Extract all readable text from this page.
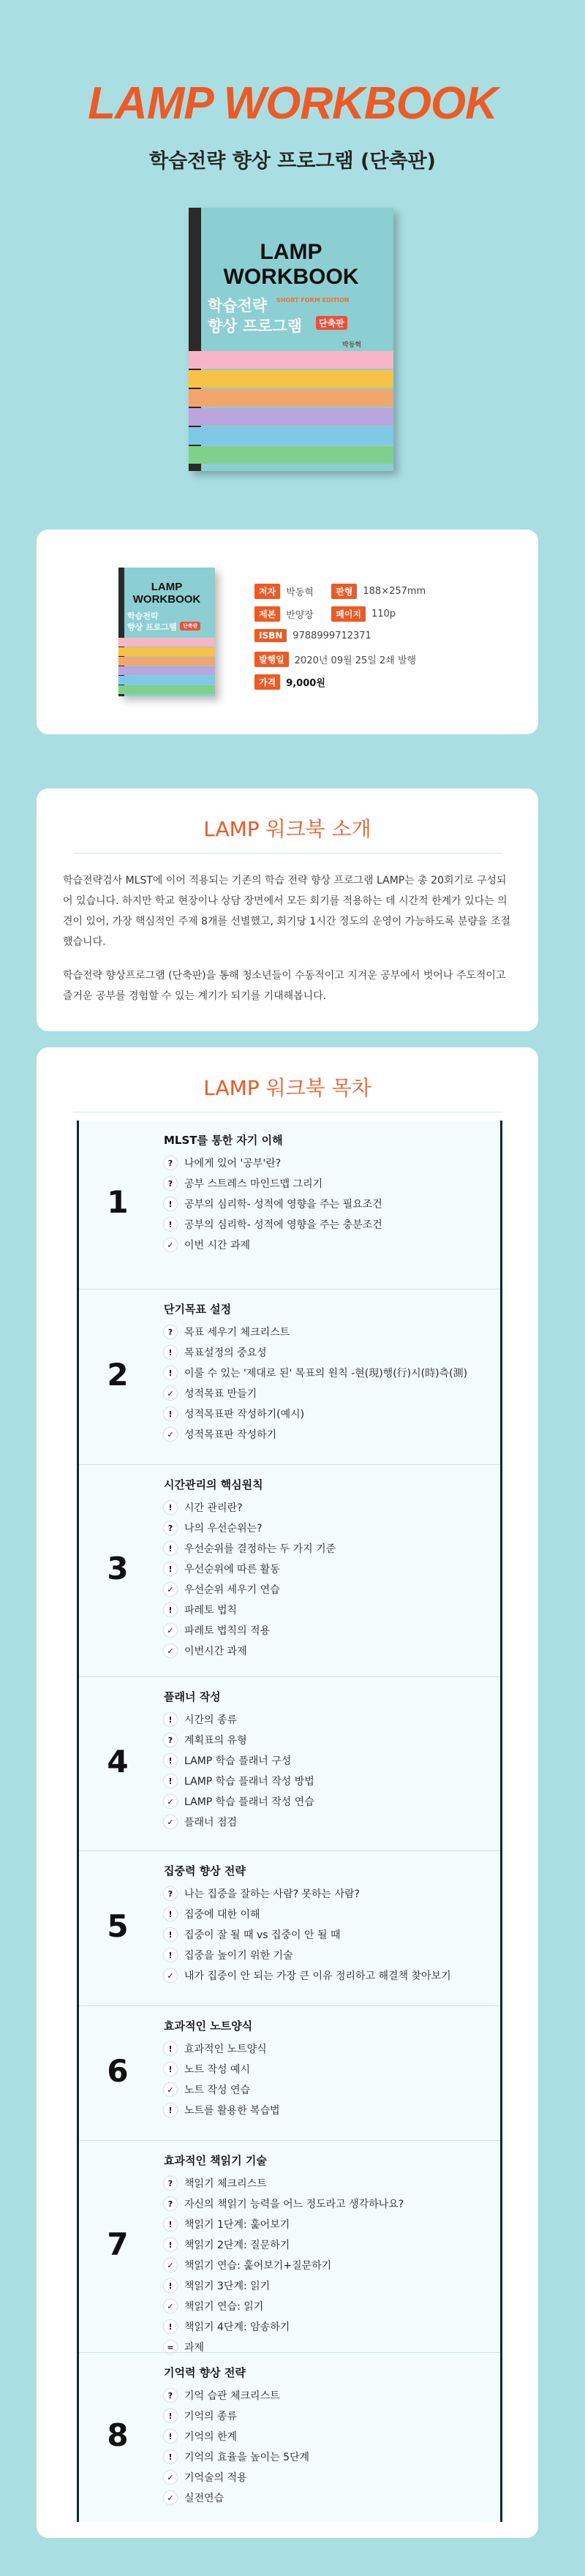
LAMP WORKBOOK
학습전략 향상 프로그램 (단축판)
LAMP WORKBOOK
학습전략
향상 프로그램	단축판
SHORT FORM EDITION
박동혁
LAMP WORKBOOK
학습전략
향상 프로그램	단축판
저자	박동혁	판형	188×257mm
제본	반양장	페이지	110p
ISBN	9788999712371
발행일	2020년 09월 25일 2쇄 발행
가격	9,000원
LAMP 워크북 소개

학습전략검사 MLST에 이어 적용되는 기존의 학습 전략 향상 프로그램 LAMP는 총 20회기로 구성되어 있습니다. 하지만 학교 현장이나 상담 장면에서 모든 회기를 적용하는 데 시간적 한계가 있다는 의견이 있어, 가장 핵심적인 주제 8개를 선별했고, 회기당 1시간 정도의 운영이 가능하도록 분량을 조절했습니다.

학습전략 향상프로그램 (단축판)을 통해 청소년들이 수동적이고 지겨운 공부에서 벗어나 주도적이고 즐거운 공부를 경험할 수 있는 계기가 되기를 기대해봅니다.

LAMP 워크북 목차
1
MLST를 통한 자기 이해
?	나에게 있어 '공부'란?
?	공부 스트레스 마인드맵 그리기
!	공부의 심리학- 성적에 영향을 주는 필요조건
!	공부의 심리학- 성적에 영향을 주는 충분조건
✓	이번 시간 과제
2
단기목표 설정
?	목표 세우기 체크리스트
!	목표설정의 중요성
!	이룰 수 있는 '제대로 된' 목표의 원칙 -현(現)행(行)시(時)측(測)
✓	성적목표 만들기
!	성적목표판 작성하기(예시)
✓	성적목표판 작성하기
3
시간관리의 핵심원칙
!	시간 관리란?
?	나의 우선순위는?
!	우선순위를 결정하는 두 가지 기준
!	우선순위에 따른 활동
✓	우선순위 세우기 연습
!	파레토 법칙
✓	파레토 법칙의 적용
✓	이번시간 과제
4
플래너 작성
!	시간의 종류
?	계획표의 유형
!	LAMP 학습 플래너 구성
!	LAMP 학습 플래너 작성 방법
✓	LAMP 학습 플래너 작성 연습
✓	플래너 점검
5
집중력 향상 전략
?	나는 집중을 잘하는 사람? 못하는 사람?
!	집중에 대한 이해
!	집중이 잘 될 때 vs 집중이 안 될 때
!	집중을 높이기 위한 기술
✓	내가 집중이 안 되는 가장 큰 이유 정리하고 해결책 찾아보기
6
효과적인 노트양식
!	효과적인 노트양식
!	노트 작성 예시
✓	노트 작성 연습
!	노트를 활용한 복습법
7
효과적인 책읽기 기술
?	책읽기 체크리스트
?	자신의 책읽기 능력을 어느 정도라고 생각하나요?
!	책읽기 1단계: 훑어보기
!	책읽기 2단계: 질문하기
✓	책읽기 연습: 훑어보기+질문하기
!	책읽기 3단계: 읽기
✓	책읽기 연습: 읽기
!	책읽기 4단계: 암송하기
=	과제
8
기억력 향상 전략
?	기억 습관 체크리스트
!	기억의 종류
!	기억의 한계
!	기억의 효율을 높이는 5단계
✓	기억술의 적용
✓	실전연습
